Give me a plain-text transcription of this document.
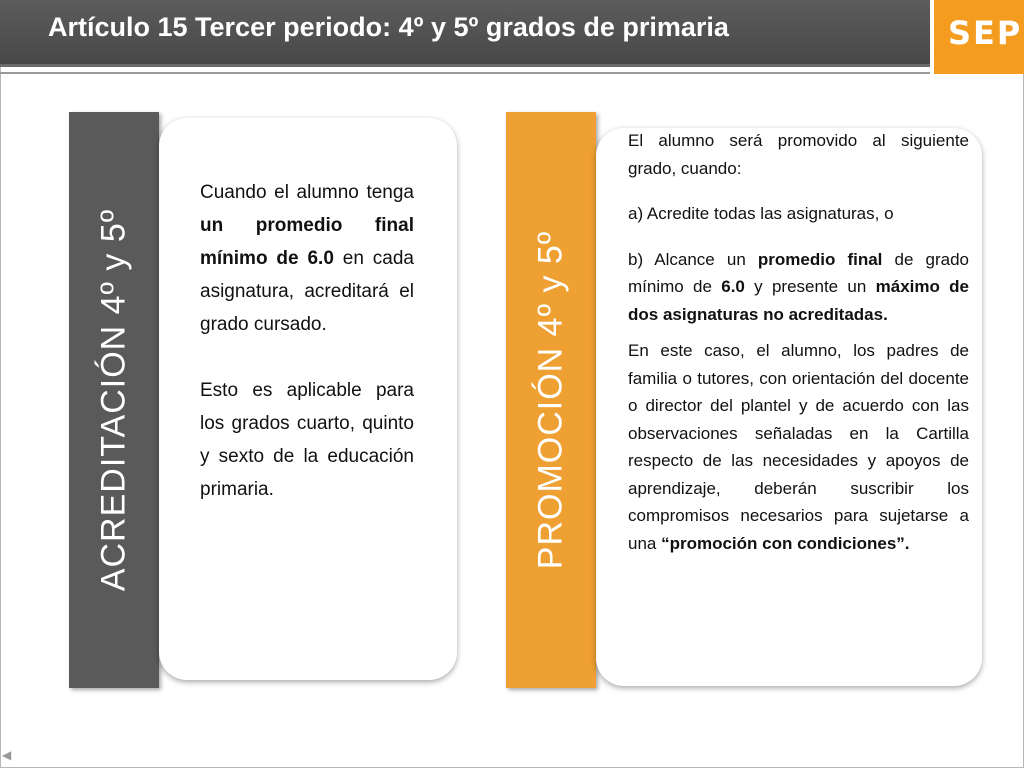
Artículo 15 Tercer periodo: 4º y 5º grados de primaria	SEP
ACREDITACIÓN 4º y 5º

Cuando el alumno tenga un promedio final mínimo de 6.0 en cada asignatura, acreditará el grado cursado.

Esto es aplicable para los grados cuarto, quinto y sexto de la educación primaria.	PROMOCIÓN 4º y 5º

El alumno será promovido al siguiente grado, cuando:

a) Acredite todas las asignaturas, o

b) Alcance un promedio final de grado mínimo de 6.0 y presente un máximo de dos asignaturas no acreditadas.

En este caso, el alumno, los padres de familia o tutores, con orientación del docente o director del plantel y de acuerdo con las observaciones señaladas en la Cartilla respecto de las necesidades y apoyos de aprendizaje, deberán suscribir los compromisos necesarios para sujetarse a una “promoción con condiciones”.

◀
